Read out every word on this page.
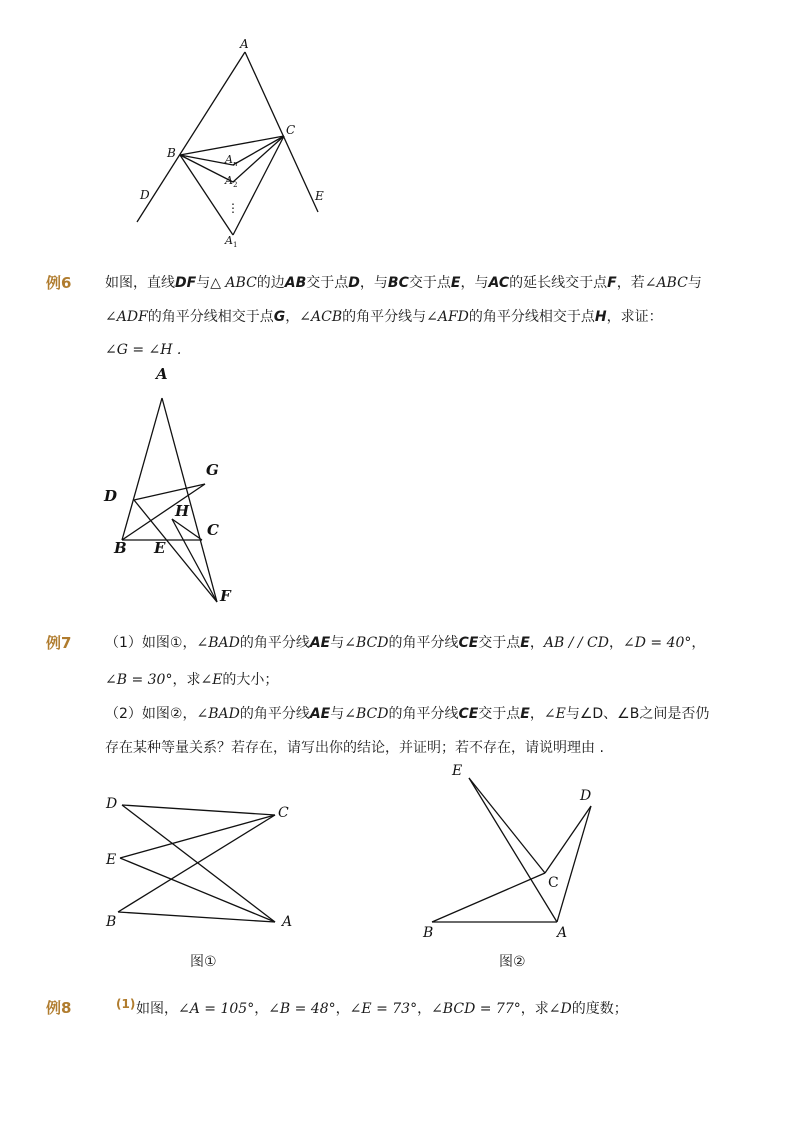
A
B
C
D	E
A n
A 2
⋮
A 1
例6 如图，直线DF与△ ABC的边AB交于点D，与BC交于点E，与AC的延长线交于点F，若∠ABC与
∠ADF的角平分线相交于点G，∠ACB的角平分线与∠AFD的角平分线相交于点H，求证：
∠G = ∠H .
A
G
D
H
C
B E
F
例7 （1）如图①，∠BAD的角平分线AE与∠BCD的角平分线CE交于点E，AB / / CD，∠D = 40°，
∠B = 30°，求∠E的大小；
（2）如图②，∠BAD的角平分线AE与∠BCD的角平分线CE交于点E，∠E与∠D、∠B之间是否仍
存在某种等量关系？若存在，请写出你的结论，并证明；若不存在，请说明理由 .
D
C
E
B	A
图①
E
D
C
B	A
图②
例8	(1) 如图，∠A = 105°，∠B = 48°，∠E = 73°，∠BCD = 77°，求∠D的度数；
